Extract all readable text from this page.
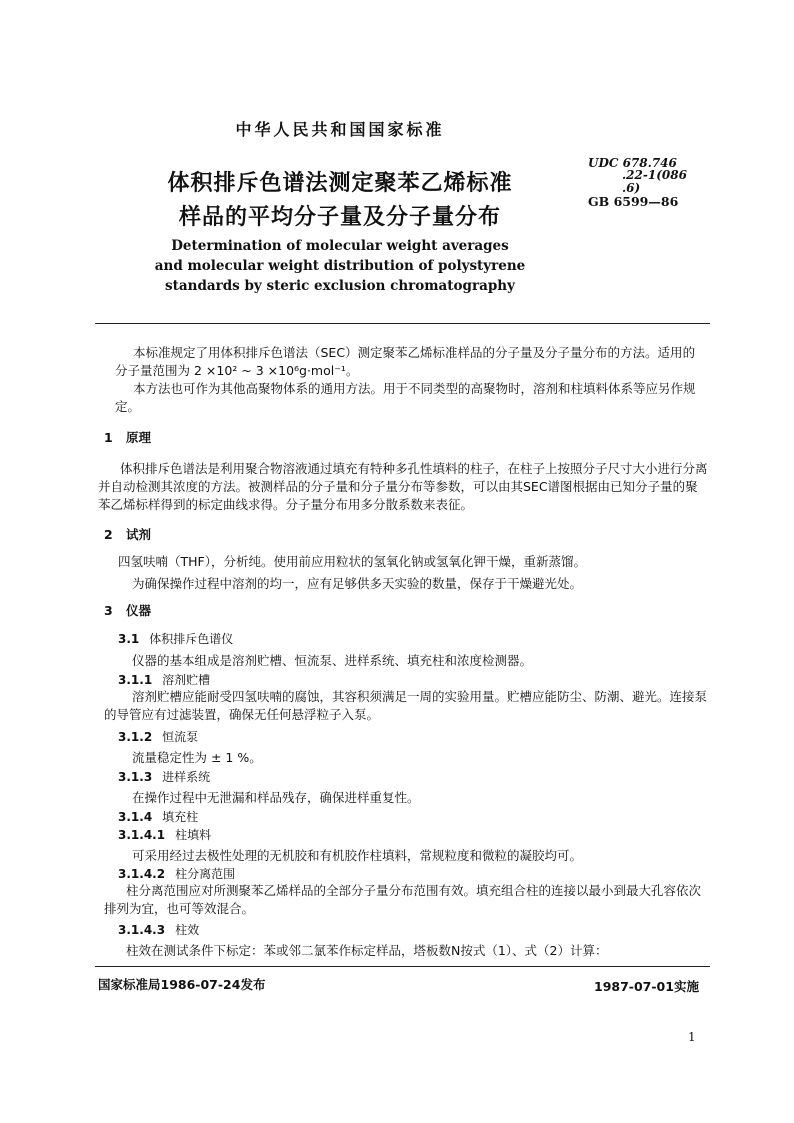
中华人民共和国国家标准
体积排斥色谱法测定聚苯乙烯标准
样品的平均分子量及分子量分布
UDC 678.746
.22-1(086
.6)
GB 6599—86
Determination of molecular weight averages
and molecular weight distribution of polystyrene
standards by steric exclusion chromatography
本标准规定了用体积排斥色谱法（SEC）测定聚苯乙烯标准样品的分子量及分子量分布的方法。适用的分子量范围为 2 ×10² ~ 3 ×10⁶g·mol⁻¹。
本方法也可作为其他高聚物体系的通用方法。用于不同类型的高聚物时，溶剂和柱填料体系等应另作规定。
1 原理
体积排斥色谱法是利用聚合物溶液通过填充有特种多孔性填料的柱子，在柱子上按照分子尺寸大小进行分离并自动检测其浓度的方法。被测样品的分子量和分子量分布等参数，可以由其SEC谱图根据由已知分子量的聚苯乙烯标样得到的标定曲线求得。分子量分布用多分散系数来表征。
2 试剂
四氢呋喃（THF），分析纯。使用前应用粒状的氢氧化钠或氢氧化钾干燥，重新蒸馏。
为确保操作过程中溶剂的均一，应有足够供多天实验的数量，保存于干燥避光处。
3 仪器
3.1 体积排斥色谱仪
仪器的基本组成是溶剂贮槽、恒流泵、进样系统、填充柱和浓度检测器。
3.1.1 溶剂贮槽
溶剂贮槽应能耐受四氢呋喃的腐蚀，其容积须满足一周的实验用量。贮槽应能防尘、防潮、避光。连接泵的导管应有过滤装置，确保无任何悬浮粒子入泵。
3.1.2 恒流泵
流量稳定性为 ± 1 %。
3.1.3 进样系统
在操作过程中无泄漏和样品残存，确保进样重复性。
3.1.4 填充柱
3.1.4.1 柱填料
可采用经过去极性处理的无机胶和有机胶作柱填料，常规粒度和微粒的凝胶均可。
3.1.4.2 柱分离范围
柱分离范围应对所测聚苯乙烯样品的全部分子量分布范围有效。填充组合柱的连接以最小到最大孔容依次排列为宜，也可等效混合。
3.1.4.3 柱效
柱效在测试条件下标定：苯或邻二氯苯作标定样品，塔板数N按式（1）、式（2）计算：
国家标准局1986-07-24发布	1987-07-01实施
1
